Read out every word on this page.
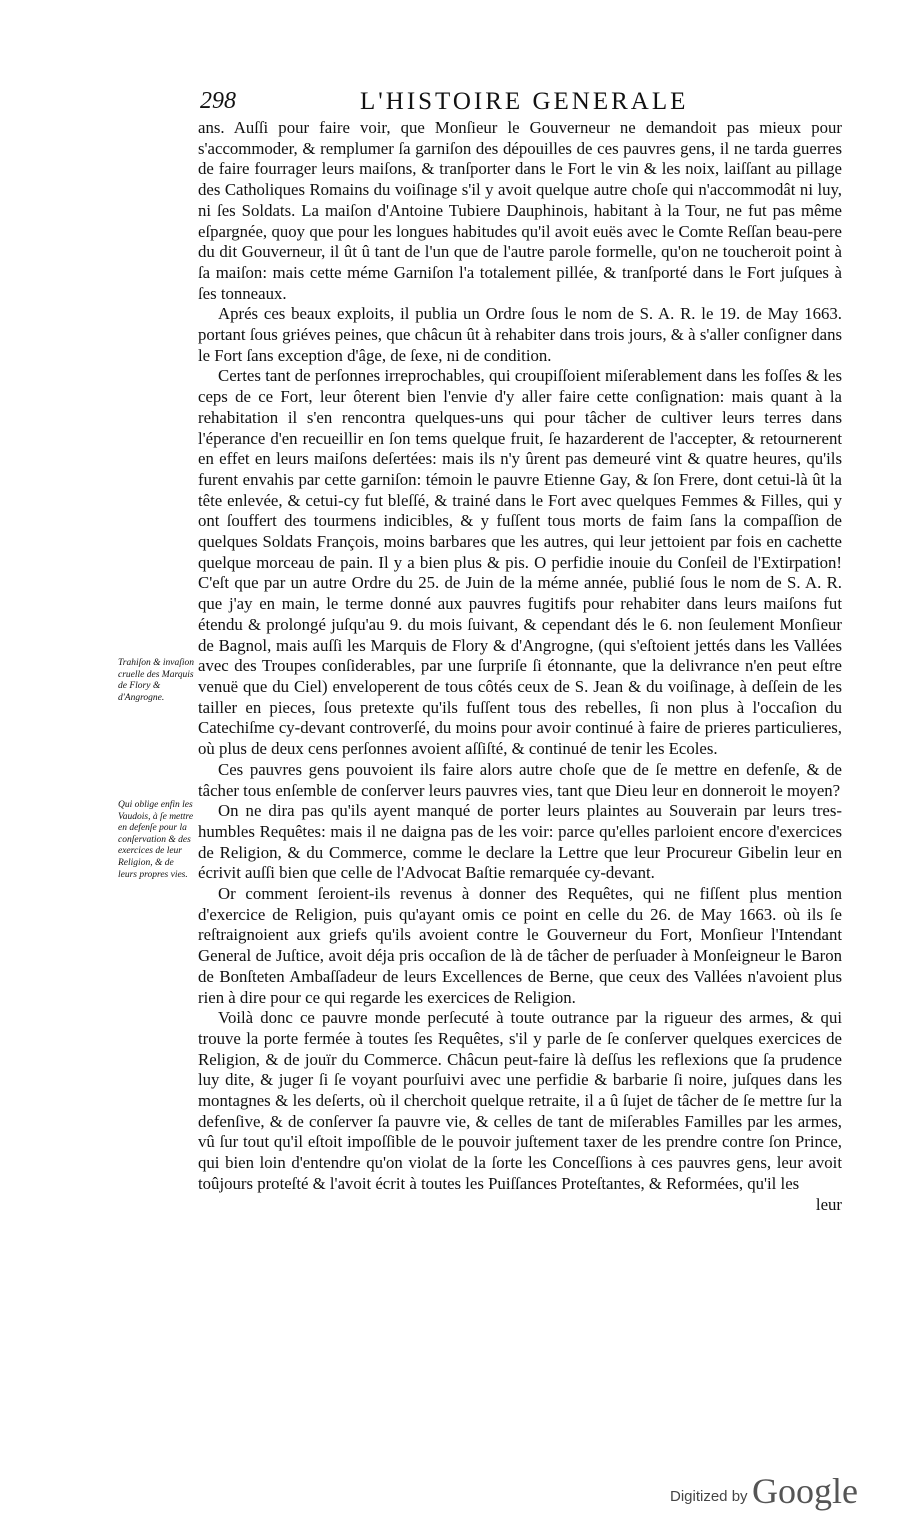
298	L'HISTOIRE GENERALE

ans. Auſſi pour faire voir, que Monſieur le Gouverneur ne demandoit pas mieux pour s'accommoder, & remplumer ſa garniſon des dépouilles de ces pauvres gens, il ne tarda guerres de faire fourrager leurs maiſons, & tranſporter dans le Fort le vin & les noix, laiſſant au pillage des Catholiques Romains du voiſinage s'il y avoit quelque autre choſe qui n'accommodât ni luy, ni ſes Soldats. La maiſon d'Antoine Tubiere Dauphinois, habitant à la Tour, ne fut pas même eſpargnée, quoy que pour les longues habitudes qu'il avoit euës avec le Comte Reſſan beau-pere du dit Gouverneur, il ût û tant de l'un que de l'autre parole formelle, qu'on ne toucheroit point à ſa maiſon: mais cette méme Garniſon l'a totalement pillée, & tranſporté dans le Fort juſques à ſes tonneaux.

Aprés ces beaux exploits, il publia un Ordre ſous le nom de S. A. R. le 19. de May 1663. portant ſous griéves peines, que châcun ût à rehabiter dans trois jours, & à s'aller conſigner dans le Fort ſans exception d'âge, de ſexe, ni de condition.

Certes tant de perſonnes irreprochables, qui croupiſſoient miſerablement dans les foſſes & les ceps de ce Fort, leur ôterent bien l'envie d'y aller faire cette conſignation: mais quant à la rehabitation il s'en rencontra quelques-uns qui pour tâcher de cultiver leurs terres dans l'éperance d'en recueillir en ſon tems quelque fruit, ſe hazarderent de l'accepter, & retournerent en effet en leurs maiſons deſertées: mais ils n'y ûrent pas demeuré vint & quatre heures, qu'ils furent envahis par cette garniſon: témoin le pauvre Etienne Gay, & ſon Frere, dont cetui-là ût la tête enlevée, & cetui-cy fut bleſſé, & trainé dans le Fort avec quelques Femmes & Filles, qui y ont ſouffert des tourmens indicibles, & y fuſſent tous morts de faim ſans la compaſſion de quelques Soldats François, moins barbares que les autres, qui leur jettoient par fois en cachette quelque morceau de pain. Il y a bien plus & pis. O perfidie inouie du Conſeil de l'Extirpation! C'eſt que par un autre Ordre du 25. de Juin de la méme année, publié ſous le nom de S. A. R. que j'ay en main, le terme donné aux pauvres fugitifs pour rehabiter dans leurs maiſons fut étendu & prolongé juſqu'au 9. du mois ſuivant, & cependant dés le 6. non ſeulement Monſieur de Bagnol, mais auſſi les Marquis de Flory & d'Angrogne, (qui s'eſtoient jettés dans les Vallées avec des Troupes conſiderables, par une ſurpriſe ſi étonnante, que la delivrance n'en peut eſtre venuë que du Ciel) enveloperent de tous côtés ceux de S. Jean & du voiſinage, à deſſein de les tailler en pieces, ſous pretexte qu'ils fuſſent tous des rebelles, ſi non plus à l'occaſion du Catechiſme cy-devant controverſé, du moins pour avoir continué à faire de prieres particulieres, où plus de deux cens perſonnes avoient aſſiſté, & continué de tenir les Ecoles.

Ces pauvres gens pouvoient ils faire alors autre choſe que de ſe mettre en defenſe, & de tâcher tous enſemble de conſerver leurs pauvres vies, tant que Dieu leur en donneroit le moyen?

On ne dira pas qu'ils ayent manqué de porter leurs plaintes au Souverain par leurs tres-humbles Requêtes: mais il ne daigna pas de les voir: parce qu'elles parloient encore d'exercices de Religion, & du Commerce, comme le declare la Lettre que leur Procureur Gibelin leur en écrivit auſſi bien que celle de l'Advocat Baſtie remarquée cy-devant.

Or comment ſeroient-ils revenus à donner des Requêtes, qui ne fiſſent plus mention d'exercice de Religion, puis qu'ayant omis ce point en celle du 26. de May 1663. où ils ſe reſtraignoient aux griefs qu'ils avoient contre le Gouverneur du Fort, Monſieur l'Intendant General de Juſtice, avoit déja pris occaſion de là de tâcher de perſuader à Monſeigneur le Baron de Bonſteten Ambaſſadeur de leurs Excellences de Berne, que ceux des Vallées n'avoient plus rien à dire pour ce qui regarde les exercices de Religion.

Voilà donc ce pauvre monde perſecuté à toute outrance par la rigueur des armes, & qui trouve la porte fermée à toutes ſes Requêtes, s'il y parle de ſe conſerver quelques exercices de Religion, & de jouïr du Commerce. Châcun peut-faire là deſſus les reflexions que ſa prudence luy dite, & juger ſi ſe voyant pourſuivi avec une perfidie & barbarie ſi noire, juſques dans les montagnes & les deſerts, où il cherchoit quelque retraite, il a û ſujet de tâcher de ſe mettre ſur la defenſive, & de conſerver ſa pauvre vie, & celles de tant de miſerables Familles par les armes, vû ſur tout qu'il eſtoit impoſſible de le pouvoir juſtement taxer de les prendre contre ſon Prince, qui bien loin d'entendre qu'on violat de la ſorte les Conceſſions à ces pauvres gens, leur avoit toûjours proteſté & l'avoit écrit à toutes les Puiſſances Proteſtantes, & Reformées, qu'il les

leur

Trahiſon & invaſion cruelle des Marquis de Flory & d'Angrogne.
Qui oblige enfin les Vaudois, à ſe mettre en defenſe pour la conſervation & des exercices de leur Religion, & de leurs propres vies.
Digitized by Google
